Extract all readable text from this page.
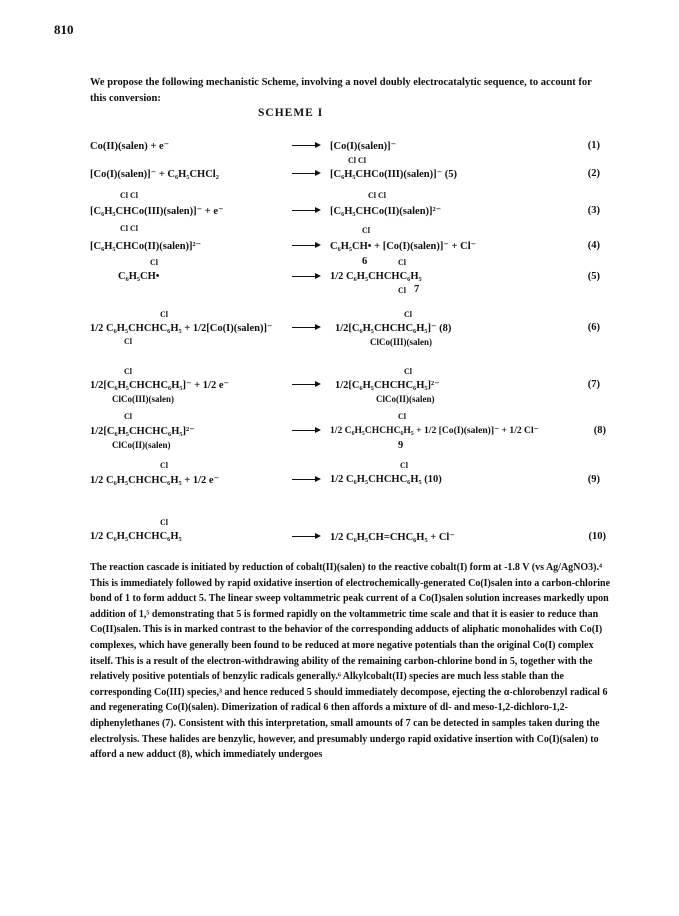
810
We propose the following mechanistic Scheme, involving a novel doubly electrocatalytic sequence, to account for this conversion:
SCHEME I
Co(II)(salen) + e⁻	→ [Co(I)(salen)]⁻	(1)
Cl Cl
[Co(I)(salen)]⁻ + C₆H₅CHCl₂	→ [C₆H₅CHCo(III)(salen)]⁻ (5)	(2)
Cl Cl	Cl Cl
[C₆H₅CHCo(III)(salen)]⁻ + e⁻	→ [C₆H₅CHCo(II)(salen)]²⁻	(3)
Cl Cl	Cl
[C₆H₅CHCo(II)(salen)]²⁻	→ C₆H₅CH• + [Co(I)(salen)]⁻ + Cl⁻	(4)
6
Cl	Cl
C₆H₅CH•	→ 1/2 C₆H₅CHCHC₆H₅	(5)
Cl 7
Cl	Cl
1/2 C₆H₅CHCHC₆H₅ + 1/2[Co(I)(salen)]⁻ → 1/2[C₆H₅CHCHC₆H₅]⁻ (8)	(6)
Cl	ClCo(III)(salen)
Cl	Cl
1/2[C₆H₅CHCHC₆H₅]⁻ + 1/2 e⁻	→ 1/2[C₆H₅CHCHC₆H₅]²⁻	(7)
ClCo(III)(salen)	ClCo(II)(salen)
Cl	Cl
1/2[C₆H₅CHCHC₆H₅]²⁻	→ 1/2 C₆H₅CHCHC₆H₅ + 1/2 [Co(I)(salen)]⁻ + 1/2 Cl⁻	(8)
ClCo(II)(salen)	9
Cl	Cl
1/2 C₆H₅CHCHC₆H₅ + 1/2 e⁻	→ 1/2 C₆H₅CHCHC₆H₅ (10)	(9)
Cl
1/2 C₆H₅CHCHC₆H₅	→ 1/2 C₆H₅CH=CHC₆H₅ + Cl⁻	(10)
The reaction cascade is initiated by reduction of cobalt(II)(salen) to the reactive cobalt(I) form at -1.8 V (vs Ag/AgNO3).⁴ This is immediately followed by rapid oxidative insertion of electrochemically-generated Co(I)salen into a carbon-chlorine bond of 1 to form adduct 5. The linear sweep voltammetric peak current of a Co(I)salen solution increases markedly upon addition of 1,⁵ demonstrating that 5 is formed rapidly on the voltammetric time scale and that it is easier to reduce than Co(II)salen. This is in marked contrast to the behavior of the corresponding adducts of aliphatic monohalides with Co(I) complexes, which have generally been found to be reduced at more negative potentials than the original Co(I) complex itself. This is a result of the electron-withdrawing ability of the remaining carbon-chlorine bond in 5, together with the relatively positive potentials of benzylic radicals generally.⁶ Alkylcobalt(II) species are much less stable than the corresponding Co(III) species,³ and hence reduced 5 should immediately decompose, ejecting the α-chlorobenzyl radical 6 and regenerating Co(I)(salen). Dimerization of radical 6 then affords a mixture of dl- and meso-1,2-dichloro-1,2-diphenylethanes (7). Consistent with this interpretation, small amounts of 7 can be detected in samples taken during the electrolysis. These halides are benzylic, however, and presumably undergo rapid oxidative insertion with Co(I)(salen) to afford a new adduct (8), which immediately undergoes
